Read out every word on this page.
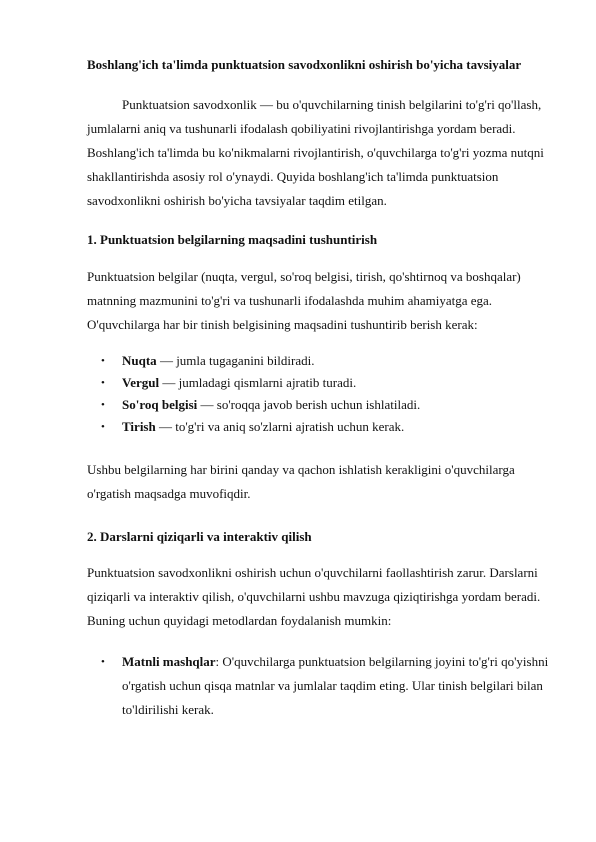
Boshlang'ich ta'limda punktuatsion savodxonlikni oshirish bo'yicha tavsiyalar

Punktuatsion savodxonlik — bu o'quvchilarning tinish belgilarini to'g'ri qo'llash, jumlalarni aniq va tushunarli ifodalash qobiliyatini rivojlantirishga yordam beradi. Boshlang'ich ta'limda bu ko'nikmalarni rivojlantirish, o'quvchilarga to'g'ri yozma nutqni shakllantirishda asosiy rol o'ynaydi. Quyida boshlang'ich ta'limda punktuatsion savodxonlikni oshirish bo'yicha tavsiyalar taqdim etilgan.

1. Punktuatsion belgilarning maqsadini tushuntirish

Punktuatsion belgilar (nuqta, vergul, so'roq belgisi, tirish, qo'shtirnoq va boshqalar) matnning mazmunini to'g'ri va tushunarli ifodalashda muhim ahamiyatga ega. O'quvchilarga har bir tinish belgisining maqsadini tushuntirib berish kerak:

• Nuqta — jumla tugaganini bildiradi.
• Vergul — jumladagi qismlarni ajratib turadi.
• So'roq belgisi — so'roqqa javob berish uchun ishlatiladi.
• Tirish — to'g'ri va aniq so'zlarni ajratish uchun kerak.

Ushbu belgilarning har birini qanday va qachon ishlatish kerakligini o'quvchilarga o'rgatish maqsadga muvofiqdir.

2. Darslarni qiziqarli va interaktiv qilish

Punktuatsion savodxonlikni oshirish uchun o'quvchilarni faollashtirish zarur. Darslarni qiziqarli va interaktiv qilish, o'quvchilarni ushbu mavzuga qiziqtirishga yordam beradi. Buning uchun quyidagi metodlardan foydalanish mumkin:

• Matnli mashqlar: O'quvchilarga punktuatsion belgilarning joyini to'g'ri qo'yishni o'rgatish uchun qisqa matnlar va jumlalar taqdim eting. Ular tinish belgilari bilan to'ldirilishi kerak.
